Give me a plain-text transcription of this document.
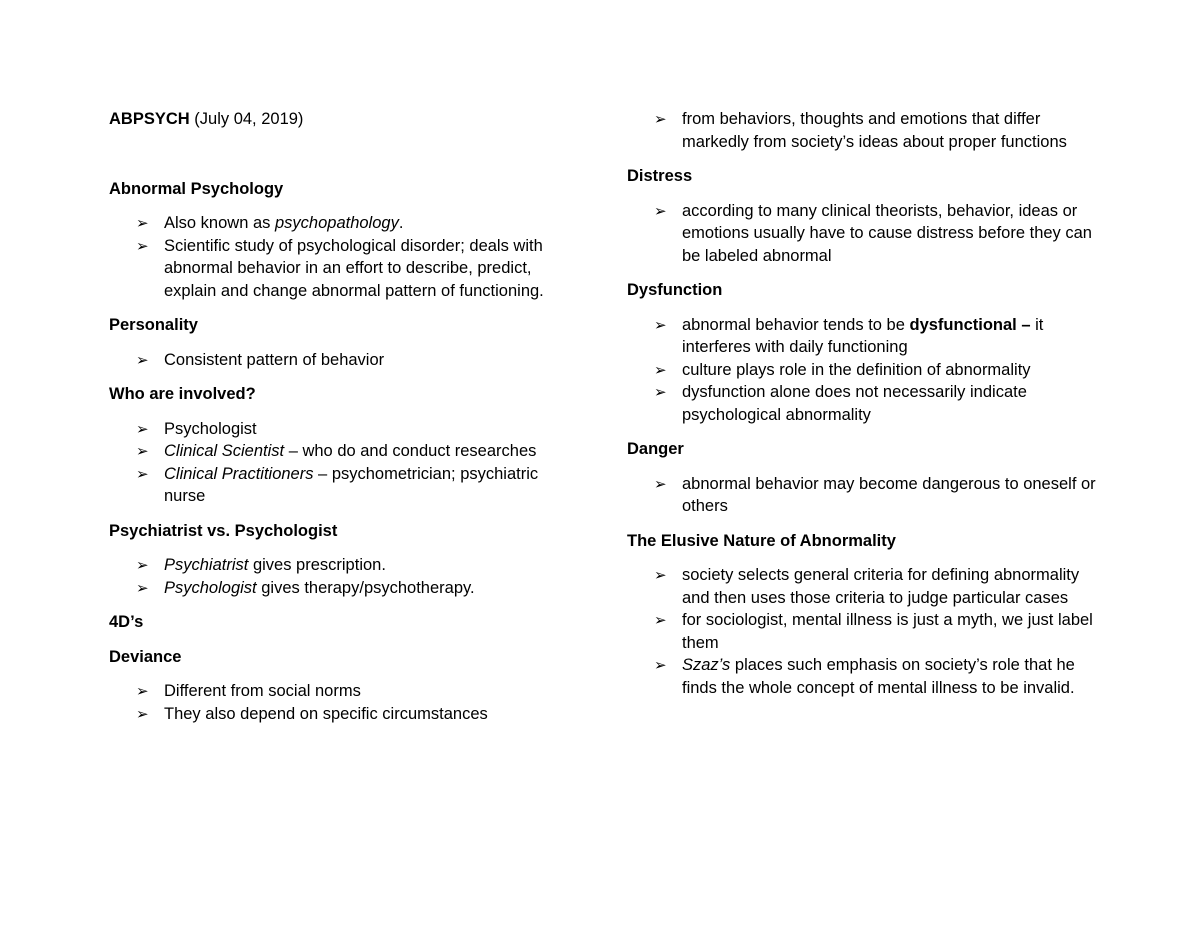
ABPSYCH (July 04, 2019)

Abnormal Psychology
➢ Also known as psychopathology.
➢ Scientific study of psychological disorder; deals with abnormal behavior in an effort to describe, predict, explain and change abnormal pattern of functioning.
Personality
➢ Consistent pattern of behavior
Who are involved?
➢ Psychologist
➢ Clinical Scientist – who do and conduct researches
➢ Clinical Practitioners – psychometrician; psychiatric nurse
Psychiatrist vs. Psychologist
➢ Psychiatrist gives prescription.
➢ Psychologist gives therapy/psychotherapy.
4D’s
Deviance
➢ Different from social norms
➢ They also depend on specific circumstances
➢ from behaviors, thoughts and emotions that differ markedly from society’s ideas about proper functions
Distress
➢ according to many clinical theorists, behavior, ideas or emotions usually have to cause distress before they can be labeled abnormal
Dysfunction
➢ abnormal behavior tends to be dysfunctional – it interferes with daily functioning
➢ culture plays role in the definition of abnormality
➢ dysfunction alone does not necessarily indicate psychological abnormality
Danger
➢ abnormal behavior may become dangerous to oneself or others
The Elusive Nature of Abnormality
➢ society selects general criteria for defining abnormality and then uses those criteria to judge particular cases
➢ for sociologist, mental illness is just a myth, we just label them
➢ Szaz’s places such emphasis on society’s role that he finds the whole concept of mental illness to be invalid.
